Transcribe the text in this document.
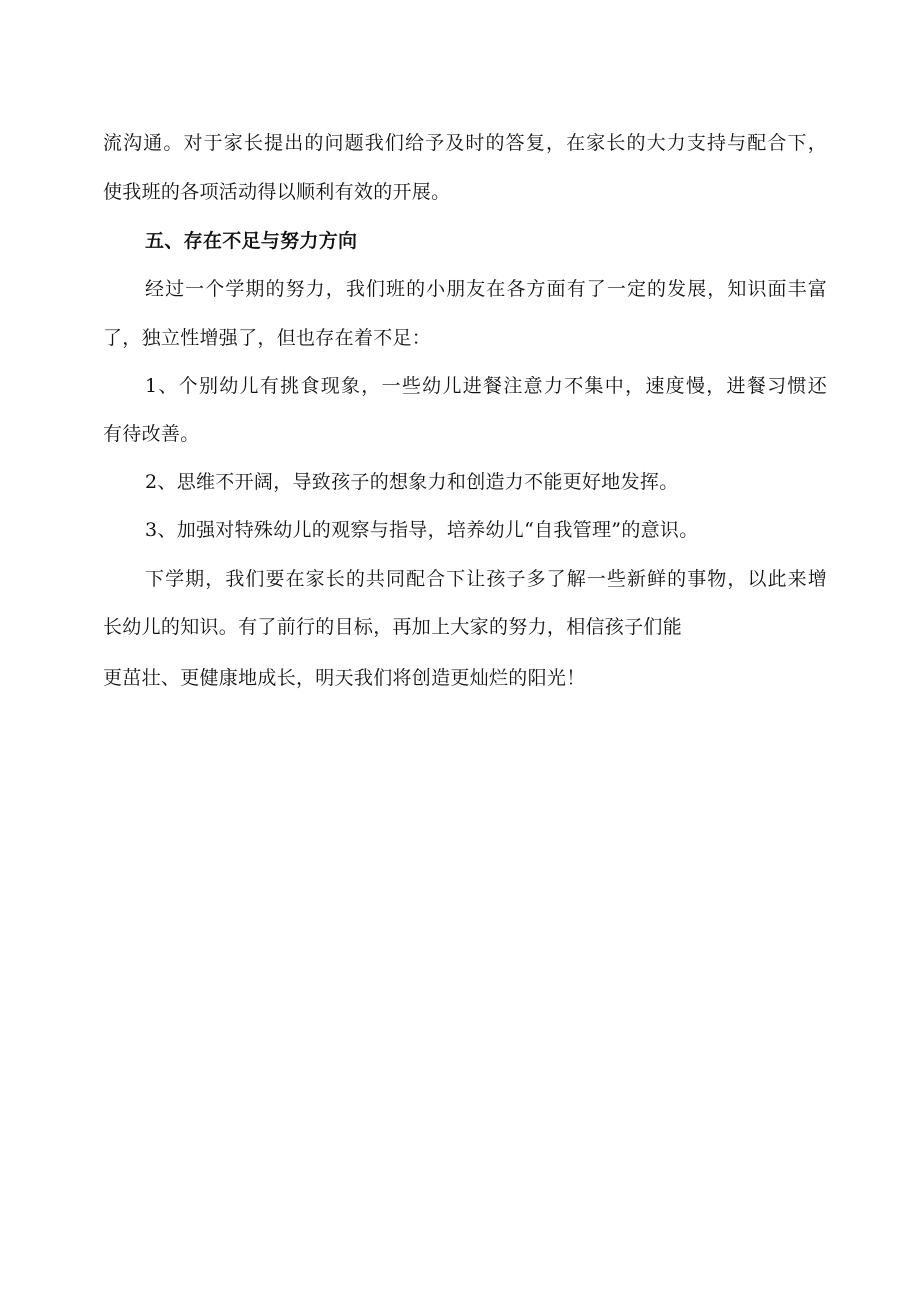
流沟通。对于家长提出的问题我们给予及时的答复，在家长的大力支持与配合下，
使我班的各项活动得以顺利有效的开展。
五、存在不足与努力方向
经过一个学期的努力，我们班的小朋友在各方面有了一定的发展，知识面丰富
了，独立性增强了，但也存在着不足：
1、个别幼儿有挑食现象，一些幼儿进餐注意力不集中，速度慢，进餐习惯还
有待改善。
2、思维不开阔，导致孩子的想象力和创造力不能更好地发挥。
3、加强对特殊幼儿的观察与指导，培养幼儿“自我管理”的意识。
下学期，我们要在家长的共同配合下让孩子多了解一些新鲜的事物，以此来增
长幼儿的知识。有了前行的目标，再加上大家的努力，相信孩子们能
更茁壮、更健康地成长，明天我们将创造更灿烂的阳光！
